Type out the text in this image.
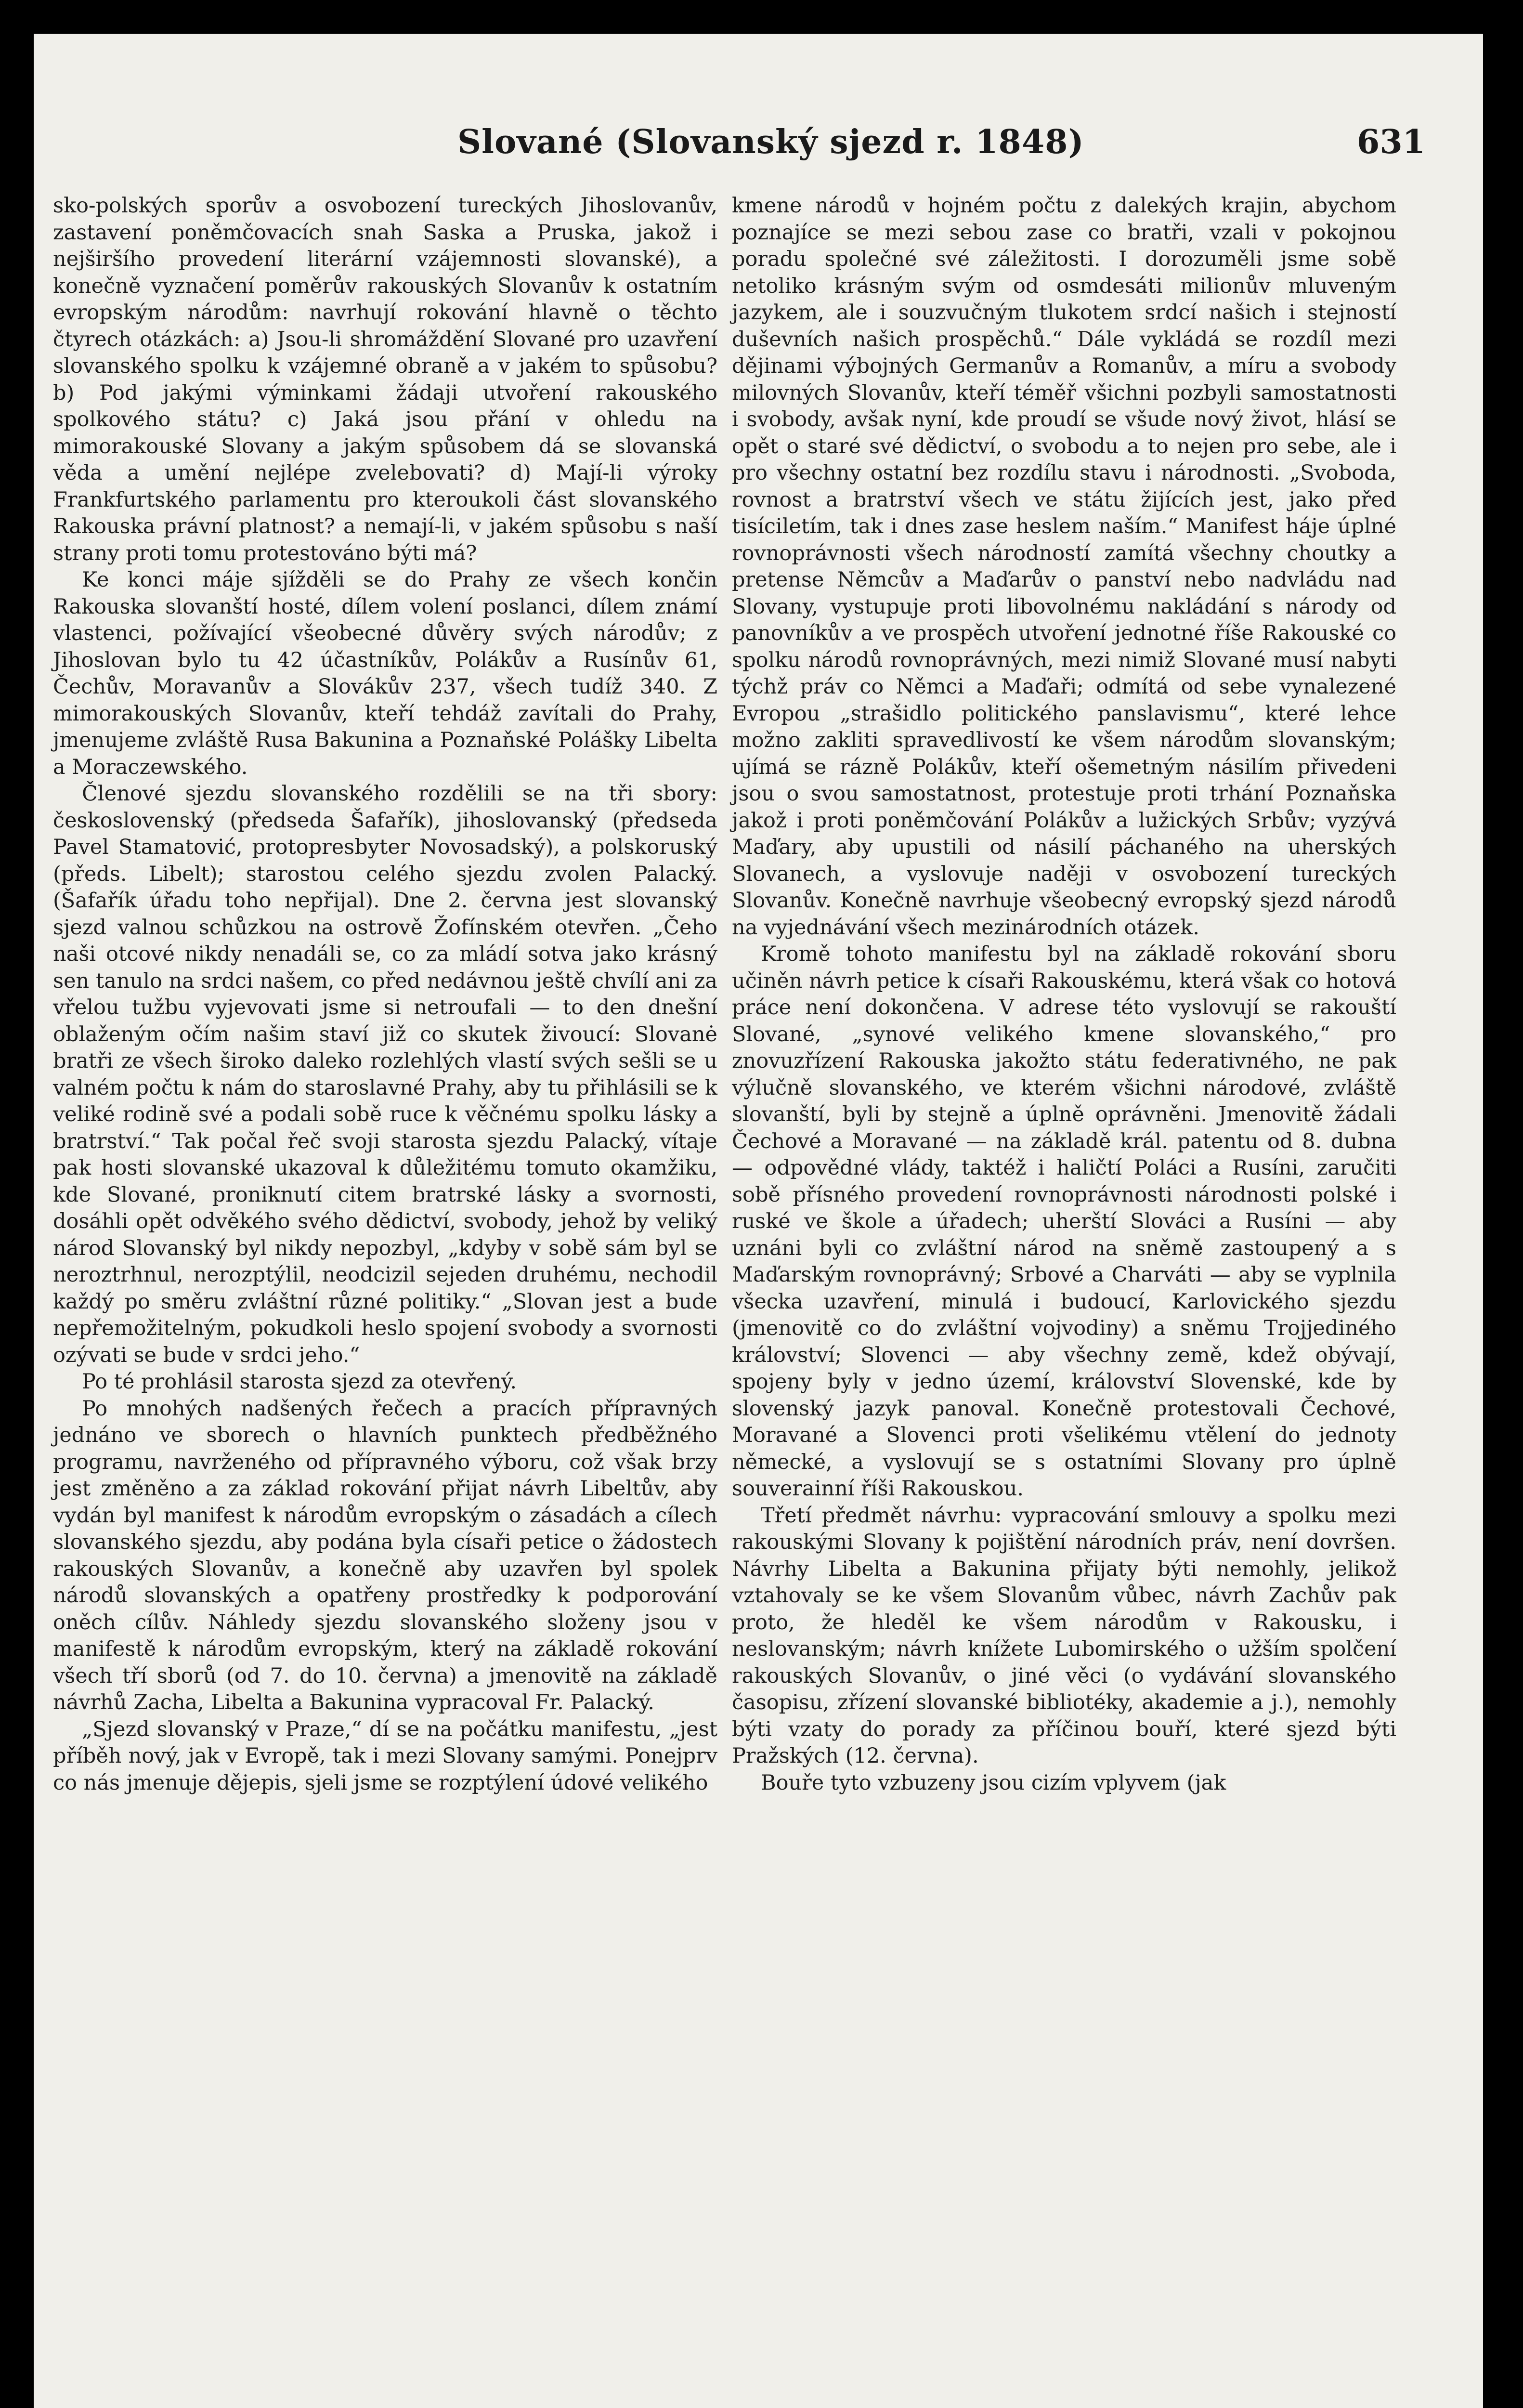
Slované (Slovanský sjezd r. 1848)	631

sko-polských sporův a osvobození tureckých Jihoslovanův, zastavení poněmčovacích snah Saska a Pruska, jakož i nejširšího provedení literární vzájemnosti slovanské), a konečně vyznačení poměrův rakouských Slovanův k ostatním evropským národům: navrhují rokování hlavně o těchto čtyrech otázkách: a) Jsou-li shromáždění Slované pro uzavření slovanského spolku k vzájemné obraně a v jakém to spůsobu? b) Pod jakými výminkami žádaji utvoření rakouského spolkového státu? c) Jaká jsou přání v ohledu na mimorakouské Slovany a jakým spůsobem dá se slovanská věda a umění nejlépe zvelebovati? d) Mají-li výroky Frankfurtského parlamentu pro kteroukoli část slovanského Rakouska právní platnost? a nemají-li, v jakém spůsobu s naší strany proti tomu protestováno býti má?

Ke konci máje sjížděli se do Prahy ze všech končin Rakouska slovanští hosté, dílem volení poslanci, dílem známí vlastenci, požívající všeobecné důvěry svých národův; z Jihoslovan bylo tu 42 účastníkův, Polákův a Rusínův 61, Čechův, Moravanův a Slovákův 237, všech tudíž 340. Z mimorakouských Slovanův, kteří tehdáž zavítali do Prahy, jmenujeme zvláště Rusa Bakunina a Poznaňské Polášky Libelta a Moraczewského.

Členové sjezdu slovanského rozdělili se na tři sbory: československý (předseda Šafařík), jihoslovanský (předseda Pavel Stamatović, protopresbyter Novosadský), a polskoruský (předs. Libelt); starostou celého sjezdu zvolen Palacký. (Šafařík úřadu toho nepřijal). Dne 2. června jest slovanský sjezd valnou schůzkou na ostrově Žofínském otevřen. „Čeho naši otcové nikdy nenadáli se, co za mládí sotva jako krásný sen tanulo na srdci našem, co před nedávnou ještě chvílí ani za vřelou tužbu vyjevovati jsme si netroufali — to den dnešní oblaženým očím našim staví již co skutek živoucí: Slovanė bratři ze všech široko daleko rozlehlých vlastí svých sešli se u valném počtu k nám do staroslavné Prahy, aby tu přihlásili se k veliké rodině své a podali sobě ruce k věčnému spolku lásky a bratrství.“ Tak počal řeč svoji starosta sjezdu Palacký, vítaje pak hosti slovanské ukazoval k důležitému tomuto okamžiku, kde Slované, proniknutí citem bratrské lásky a svornosti, dosáhli opět odvěkého svého dědictví, svobody, jehož by veliký národ Slovanský byl nikdy nepozbyl, „kdyby v sobě sám byl se neroztrhnul, nerozptýlil, neodcizil sejeden druhému, nechodil každý po směru zvláštní různé politiky.“ „Slovan jest a bude nepřemožitelným, pokudkoli heslo spojení svobody a svornosti ozývati se bude v srdci jeho.“

Po té prohlásil starosta sjezd za otevřený.

Po mnohých nadšených řečech a pracích přípravných jednáno ve sborech o hlavních punktech předběžného programu, navrženého od přípravného výboru, což však brzy jest změněno a za základ rokování přijat návrh Libeltův, aby vydán byl manifest k národům evropským o zásadách a cílech slovanského sjezdu, aby podána byla císaři petice o žádostech rakouských Slovanův, a konečně aby uzavřen byl spolek národů slovanských a opatřeny prostředky k podporování oněch cílův. Náhledy sjezdu slovanského složeny jsou v manifestě k národům evropským, který na základě rokování všech tří sborů (od 7. do 10. června) a jmenovitě na základě návrhů Zacha, Libelta a Bakunina vypracoval Fr. Palacký.

„Sjezd slovanský v Praze,“ dí se na počátku manifestu, „jest příběh nový, jak v Evropě, tak i mezi Slovany samými. Ponejprv co nás jmenuje dějepis, sjeli jsme se rozptýlení údové velikého

kmene národů v hojném počtu z dalekých krajin, abychom poznajíce se mezi sebou zase co bratři, vzali v pokojnou poradu společné své záležitosti. I dorozuměli jsme sobě netoliko krásným svým od osmdesáti milionův mluveným jazykem, ale i souzvučným tlukotem srdcí našich i stejností duševních našich prospěchů.“ Dále vykládá se rozdíl mezi dějinami výbojných Germanův a Romanův, a míru a svobody milovných Slovanův, kteří téměř všichni pozbyli samostatnosti i svobody, avšak nyní, kde proudí se všude nový život, hlásí se opět o staré své dědictví, o svobodu a to nejen pro sebe, ale i pro všechny ostatní bez rozdílu stavu i národnosti. „Svoboda, rovnost a bratrství všech ve státu žijících jest, jako před tisíciletím, tak i dnes zase heslem naším.“ Manifest háje úplné rovnoprávnosti všech národností zamítá všechny choutky a pretense Němcův a Maďarův o panství nebo nadvládu nad Slovany, vystupuje proti libovolnému nakládání s národy od panovníkův a ve prospěch utvoření jednotné říše Rakouské co spolku národů rovnoprávných, mezi nimiž Slované musí nabyti týchž práv co Němci a Maďaři; odmítá od sebe vynalezené Evropou „strašidlo politického panslavismu“, které lehce možno zakliti spravedlivostí ke všem národům slovanským; ujímá se rázně Polákův, kteří ošemetným násilím přivedeni jsou o svou samostatnost, protestuje proti trhání Poznaňska jakož i proti poněmčování Polákův a lužických Srbův; vyzývá Maďary, aby upustili od násilí páchaného na uherských Slovanech, a vyslovuje naději v osvobození tureckých Slovanův. Konečně navrhuje všeobecný evropský sjezd národů na vyjednávání všech mezinárodních otázek.

Kromě tohoto manifestu byl na základě rokování sboru učiněn návrh petice k císaři Rakouskému, která však co hotová práce není dokončena. V adrese této vyslovují se rakouští Slované, „synové velikého kmene slovanského,“ pro znovuzřízení Rakouska jakožto státu federativného, ne pak výlučně slovanského, ve kterém všichni národové, zvláště slovanští, byli by stejně a úplně oprávněni. Jmenovitě žádali Čechové a Moravané — na základě král. patentu od 8. dubna — odpovědné vlády, taktéž i haličtí Poláci a Rusíni, zaručiti sobě přísného provedení rovnoprávnosti národnosti polské i ruské ve škole a úřadech; uherští Slováci a Rusíni — aby uznáni byli co zvláštní národ na sněmě zastoupený a s Maďarským rovnoprávný; Srbové a Charváti — aby se vyplnila všecka uzavření, minulá i budoucí, Karlovického sjezdu (jmenovitě co do zvláštní vojvodiny) a sněmu Trojjediného království; Slovenci — aby všechny země, kdež obývají, spojeny byly v jedno území, království Slovenské, kde by slovenský jazyk panoval. Konečně protestovali Čechové, Moravané a Slovenci proti všelikému vtělení do jednoty německé, a vyslovují se s ostatními Slovany pro úplně souverainní říši Rakouskou.

Třetí předmět návrhu: vypracování smlouvy a spolku mezi rakouskými Slovany k pojištění národních práv, není dovršen. Návrhy Libelta a Bakunina přijaty býti nemohly, jelikož vztahovaly se ke všem Slovanům vůbec, návrh Zachův pak proto, že hleděl ke všem národům v Rakousku, i neslovanským; návrh knížete Lubomirského o užším spolčení rakouských Slovanův, o jiné věci (o vydávání slovanského časopisu, zřízení slovanské bibliotéky, akademie a j.), nemohly býti vzaty do porady za příčinou bouří, které sjezd býti Pražských (12. června).

Bouře tyto vzbuzeny jsou cizím vplyvem (jak
